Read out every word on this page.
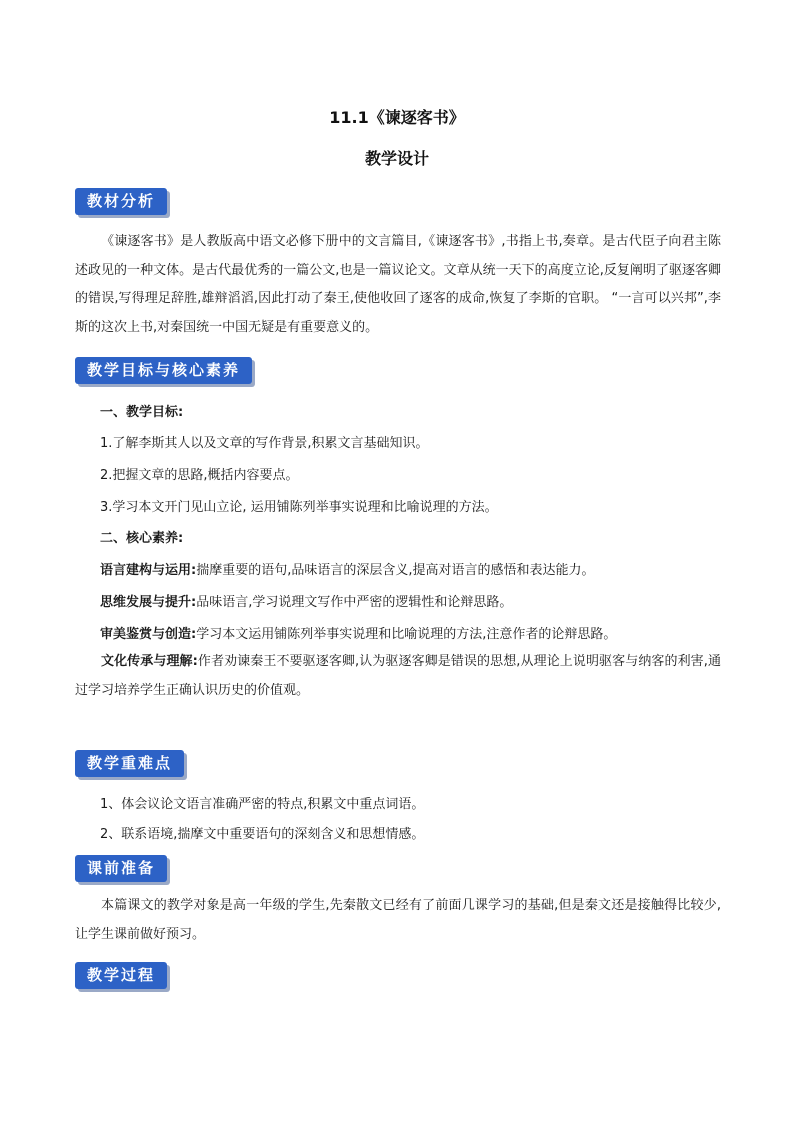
11.1《谏逐客书》
教学设计
教材分析

《谏逐客书》是人教版高中语文必修下册中的文言篇目,《谏逐客书》,书指上书,奏章。是古代臣子向君主陈述政见的一种文体。是古代最优秀的一篇公文,也是一篇议论文。文章从统一天下的高度立论,反复阐明了驱逐客卿的错误,写得理足辞胜,雄辩滔滔,因此打动了秦王,使他收回了逐客的成命,恢复了李斯的官职。 “一言可以兴邦”,李斯的这次上书,对秦国统一中国无疑是有重要意义的。

教学目标与核心素养

一、教学目标:

1.了解李斯其人以及文章的写作背景,积累文言基础知识。

2.把握文章的思路,概括内容要点。

3.学习本文开门见山立论, 运用铺陈列举事实说理和比喻说理的方法。

二、核心素养:

语言建构与运用:揣摩重要的语句,品味语言的深层含义,提高对语言的感悟和表达能力。

思维发展与提升:品味语言,学习说理文写作中严密的逻辑性和论辩思路。

审美鉴赏与创造:学习本文运用铺陈列举事实说理和比喻说理的方法,注意作者的论辩思路。

文化传承与理解:作者劝谏秦王不要驱逐客卿,认为驱逐客卿是错误的思想,从理论上说明驱客与纳客的利害,通过学习培养学生正确认识历史的价值观。

教学重难点

1、体会议论文语言准确严密的特点,积累文中重点词语。

2、联系语境,揣摩文中重要语句的深刻含义和思想情感。

课前准备

本篇课文的教学对象是高一年级的学生,先秦散文已经有了前面几课学习的基础,但是秦文还是接触得比较少,让学生课前做好预习。

教学过程
